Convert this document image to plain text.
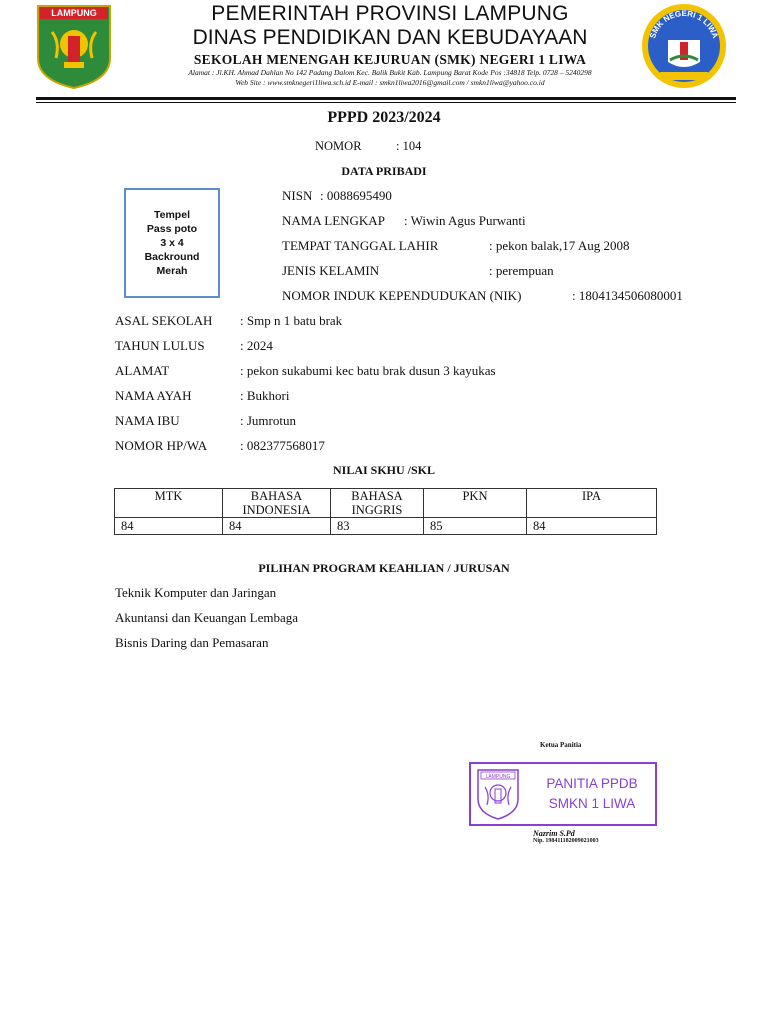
LAMPUNG
SMK NEGERI 1 LIWA
PEMERINTAH PROVINSI LAMPUNG
DINAS PENDIDIKAN DAN KEBUDAYAAN
SEKOLAH MENENGAH KEJURUAN (SMK) NEGERI 1 LIWA
Alamat : Jl.KH. Ahmad Dahlan No 142 Padang Dalom Kec. Balik Bukit Kab. Lampung Barat Kode Pos :34818 Telp. 0728 – 5240298
Web Site : www.smknegeri1liwa.sch.id E-mail : smkn1liwa2016@gmail.com / smkn1liwa@yahoo.co.id
PPPD 2023/2024
NOMOR	: 104
DATA PRIBADI
Tempel
Pass poto
3 x 4
Backround
Merah
NISN : 0088695490
NAMA LENGKAP : Wiwin Agus Purwanti
TEMPAT TANGGAL LAHIR	: pekon balak,17 Aug 2008
JENIS KELAMIN	: perempuan
NOMOR INDUK KEPENDUDUKAN (NIK)	: 1804134506080001
ASAL SEKOLAH : Smp n 1 batu brak
TAHUN LULUS	: 2024
ALAMAT	: pekon sukabumi kec batu brak dusun 3 kayukas
NAMA AYAH	: Bukhori
NAMA IBU	: Jumrotun
NOMOR HP/WA	: 082377568017
NILAI SKHU /SKL
MTK	BAHASA INDONESIA	BAHASA INGGRIS	PKN	IPA
84	84	83	85	84
PILIHAN PROGRAM KEAHLIAN / JURUSAN
Teknik Komputer dan Jaringan
Akuntansi dan Keuangan Lembaga
Bisnis Daring dan Pemasaran
Ketua Panitia
LAMPUNG	PANITIA PPDB
SMKN 1 LIWA
Nazrim S.Pd
Nip. 198411182009021003
